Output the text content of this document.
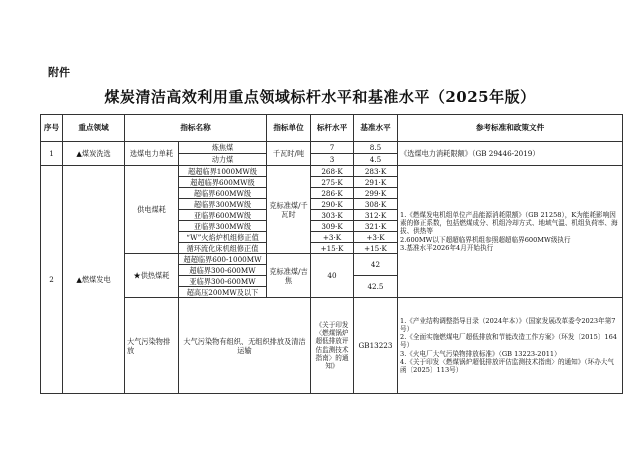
附件
煤炭清洁高效利用重点领域标杆水平和基准水平（2025年版）
序号	重点领域	指标名称		指标单位	标杆水平	基准水平	参考标准和政策文件
1	▲煤炭洗选	选煤电力单耗	炼焦煤	千瓦时/吨	7	8.5	《选煤电力消耗限额》（GB 29446-2019）
			动力煤		3	4.5	
2	▲燃煤发电	供电煤耗	超超临界1000MW级	克标准煤/千瓦时	268·K	283·K	1.《燃煤发电机组单位产品能源消耗限额》（GB 21258），K为能耗影响因素的修正系数，包括燃煤成分、机组冷却方式、地域气温、机组负荷率、海拔、供热等
2.600MW以下超超临界机组参照超超临界600MW级执行
3.基准水平2026年4月开始执行
			超超临界600MW级		275·K	291·K	
			超临界600MW级		286·K	299·K	
			超临界300MW级		290·K	308·K	
			亚临界600MW级		303·K	312·K	
			亚临界300MW级		309·K	321·K	
			“W”火焰炉机组修正值		+3·K	+3·K	
			循环流化床机组修正值		+15·K	+15·K	
		★供热煤耗	超超临界600-1000MW	克标准煤/吉焦	40	42	
			超临界300-600MW				
			亚临界300-600MW			42.5	
			超高压200MW及以下				
		大气污染物排放	大气污染物有组织、无组织排放及清洁运输		《关于印发〈燃煤锅炉超低排放评估监测技术指南〉的通知》	GB13223	1.《产业结构调整指导目录（2024年本）》（国家发展改革委令2023年第7号）
2.《全面实施燃煤电厂超低排放和节能改造工作方案》（环发〔2015〕164号）
3.《火电厂大气污染物排放标准》（GB 13223-2011）
4.《关于印发〈燃煤锅炉超低排放评估监测技术指南〉的通知》（环办大气函〔2025〕113号）
